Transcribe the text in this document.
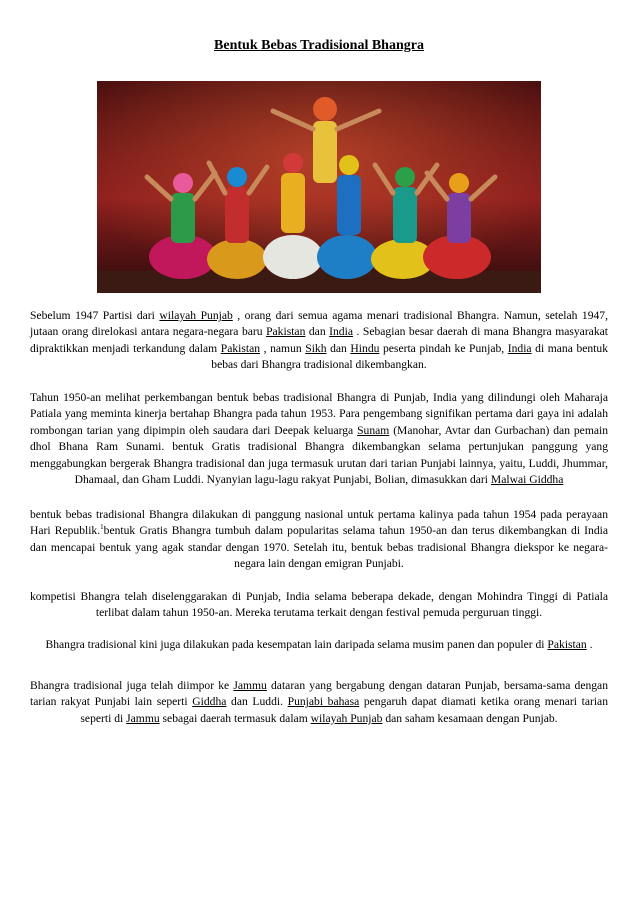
Bentuk Bebas Tradisional Bhangra

Sebelum 1947 Partisi dari wilayah Punjab , orang dari semua agama menari tradisional Bhangra. Namun, setelah 1947, jutaan orang direlokasi antara negara-negara baru Pakistan dan India . Sebagian besar daerah di mana Bhangra masyarakat dipraktikkan menjadi terkandung dalam Pakistan , namun Sikh dan Hindu peserta pindah ke Punjab, India di mana bentuk bebas dari Bhangra tradisional dikembangkan.

Tahun 1950-an melihat perkembangan bentuk bebas tradisional Bhangra di Punjab, India yang dilindungi oleh Maharaja Patiala yang meminta kinerja bertahap Bhangra pada tahun 1953. Para pengembang signifikan pertama dari gaya ini adalah rombongan tarian yang dipimpin oleh saudara dari Deepak keluarga Sunam (Manohar, Avtar dan Gurbachan) dan pemain dhol Bhana Ram Sunami. bentuk Gratis tradisional Bhangra dikembangkan selama pertunjukan panggung yang menggabungkan bergerak Bhangra tradisional dan juga termasuk urutan dari tarian Punjabi lainnya, yaitu, Luddi, Jhummar, Dhamaal, dan Gham Luddi. Nyanyian lagu-lagu rakyat Punjabi, Bolian, dimasukkan dari Malwai Giddha

bentuk bebas tradisional Bhangra dilakukan di panggung nasional untuk pertama kalinya pada tahun 1954 pada perayaan Hari Republik.$^1$bentuk Gratis Bhangra tumbuh dalam popularitas selama tahun 1950-an dan terus dikembangkan di India dan mencapai bentuk yang agak standar dengan 1970. Setelah itu, bentuk bebas tradisional Bhangra diekspor ke negara-negara lain dengan emigran Punjabi.

kompetisi Bhangra telah diselenggarakan di Punjab, India selama beberapa dekade, dengan Mohindra Tinggi di Patiala terlibat dalam tahun 1950-an. Mereka terutama terkait dengan festival pemuda perguruan tinggi.

Bhangra tradisional kini juga dilakukan pada kesempatan lain daripada selama musim panen dan populer di Pakistan .

Bhangra tradisional juga telah diimpor ke Jammu dataran yang bergabung dengan dataran Punjab, bersama-sama dengan tarian rakyat Punjabi lain seperti Giddha dan Luddi. Punjabi bahasa pengaruh dapat diamati ketika orang menari tarian seperti di Jammu sebagai daerah termasuk dalam wilayah Punjab dan saham kesamaan dengan Punjab.
